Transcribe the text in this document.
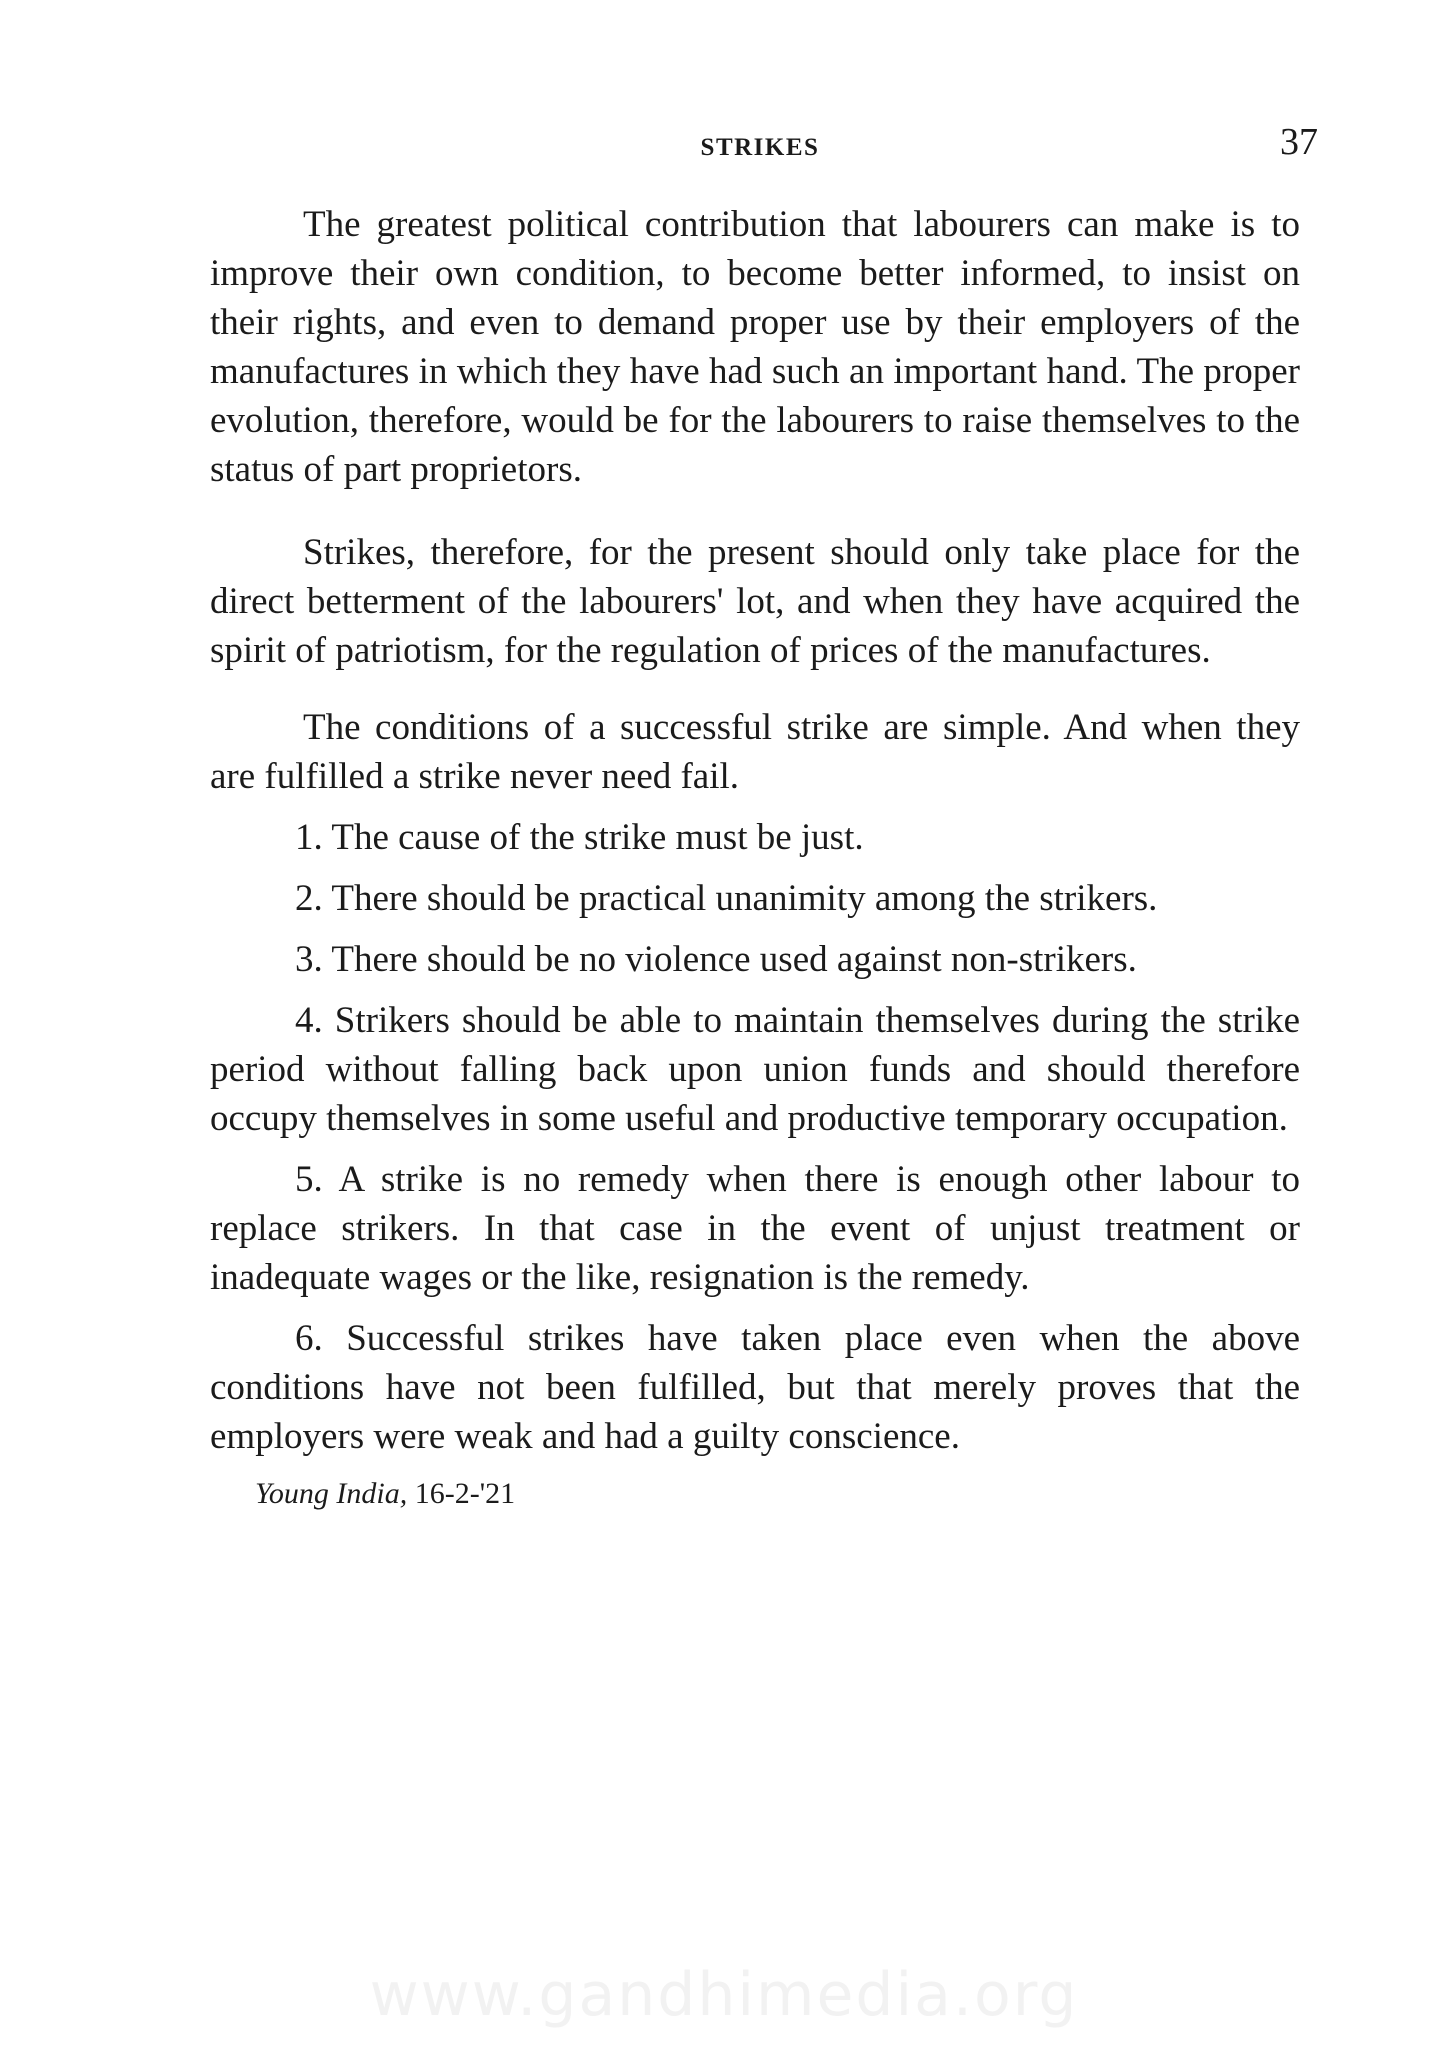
STRIKES	37

The greatest political contribution that labourers can make is to improve their own condition, to become better informed, to insist on their rights, and even to demand proper use by their employers of the manufactures in which they have had such an important hand. The proper evolution, therefore, would be for the labourers to raise themselves to the status of part proprietors.

Strikes, therefore, for the present should only take place for the direct betterment of the labourers' lot, and when they have acquired the spirit of patriotism, for the regulation of prices of the manufactures.

The conditions of a successful strike are simple. And when they are fulfilled a strike never need fail.

1. The cause of the strike must be just.

2. There should be practical unanimity among the strikers.

3. There should be no violence used against non-strikers.

4. Strikers should be able to maintain themselves during the strike period without falling back upon union funds and should therefore occupy themselves in some useful and productive temporary occupation.

5. A strike is no remedy when there is enough other labour to replace strikers. In that case in the event of unjust treatment or inadequate wages or the like, resignation is the remedy.

6. Successful strikes have taken place even when the above conditions have not been fulfilled, but that merely proves that the employers were weak and had a guilty conscience.

Young India, 16-2-'21
www.gandhimedia.org
